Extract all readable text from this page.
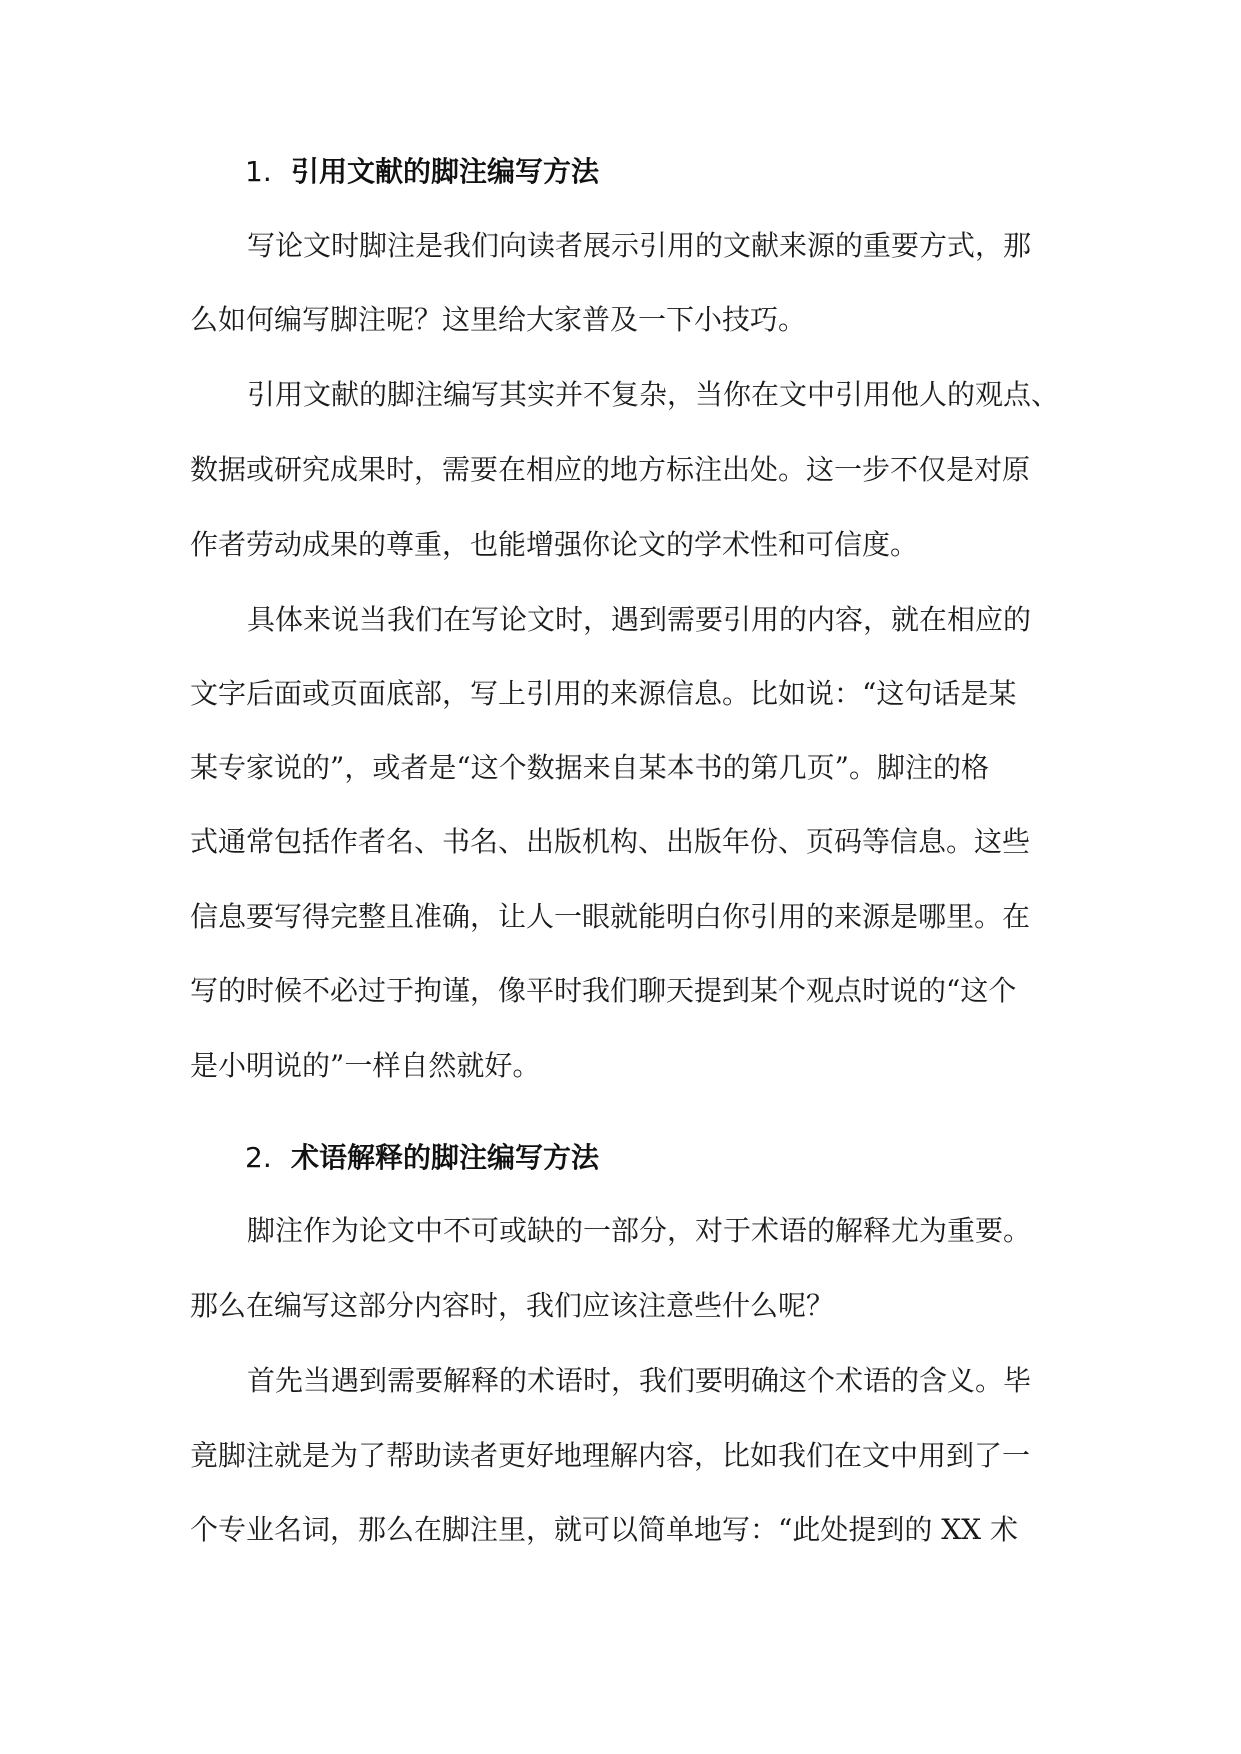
1. 引用文献的脚注编写方法
写论文时脚注是我们向读者展示引用的文献来源的重要方式，那
么如何编写脚注呢？这里给大家普及一下小技巧。
引用文献的脚注编写其实并不复杂，当你在文中引用他人的观点、
数据或研究成果时，需要在相应的地方标注出处。这一步不仅是对原
作者劳动成果的尊重，也能增强你论文的学术性和可信度。
具体来说当我们在写论文时，遇到需要引用的内容，就在相应的
文字后面或页面底部，写上引用的来源信息。比如说：“这句话是某
某专家说的”，或者是“这个数据来自某本书的第几页”。脚注的格
式通常包括作者名、书名、出版机构、出版年份、页码等信息。这些
信息要写得完整且准确，让人一眼就能明白你引用的来源是哪里。在
写的时候不必过于拘谨，像平时我们聊天提到某个观点时说的“这个
是小明说的”一样自然就好。
2. 术语解释的脚注编写方法
脚注作为论文中不可或缺的一部分，对于术语的解释尤为重要。
那么在编写这部分内容时，我们应该注意些什么呢？
首先当遇到需要解释的术语时，我们要明确这个术语的含义。毕
竟脚注就是为了帮助读者更好地理解内容，比如我们在文中用到了一
个专业名词，那么在脚注里，就可以简单地写：“此处提到的 XX 术
